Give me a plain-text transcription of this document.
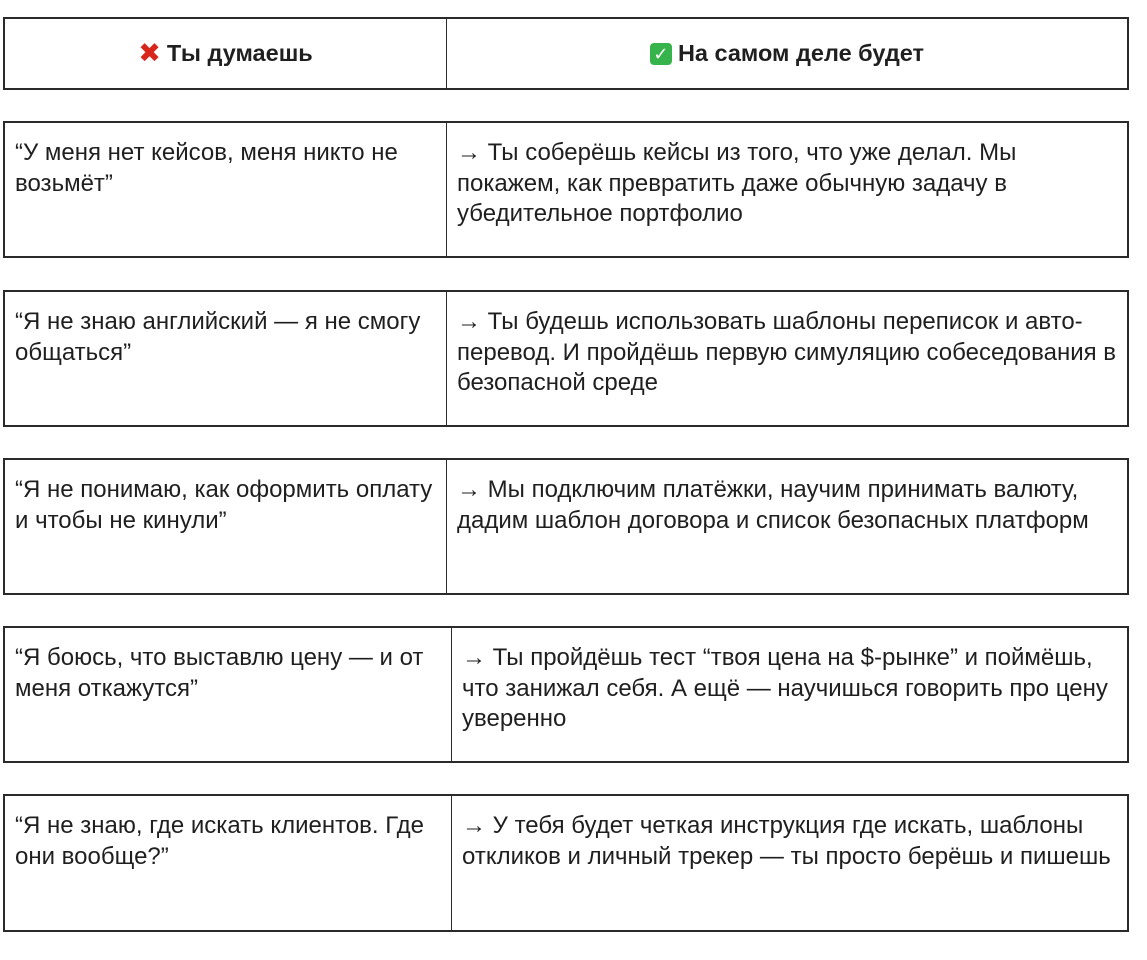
✖ Ты думаешь	✓ На самом деле будет
“У меня нет кейсов, меня никто не возьмёт”
→ Ты соберёшь кейсы из того, что уже делал. Мы покажем, как превратить даже обычную задачу в убедительное портфолио
“Я не знаю английский — я не смогу общаться”
→ Ты будешь использовать шаблоны переписок и авто-перевод. И пройдёшь первую симуляцию собеседования в безопасной среде
“Я не понимаю, как оформить оплату и чтобы не кинули”
→ Мы подключим платёжки, научим принимать валюту, дадим шаблон договора и список безопасных платформ
“Я боюсь, что выставлю цену — и от меня откажутся”
→ Ты пройдёшь тест “твоя цена на $-рынке” и поймёшь, что занижал себя. А ещё — научишься говорить про цену уверенно
“Я не знаю, где искать клиентов. Где они вообще?”
→ У тебя будет четкая инструкция где искать, шаблоны откликов и личный трекер — ты просто берёшь и пишешь
